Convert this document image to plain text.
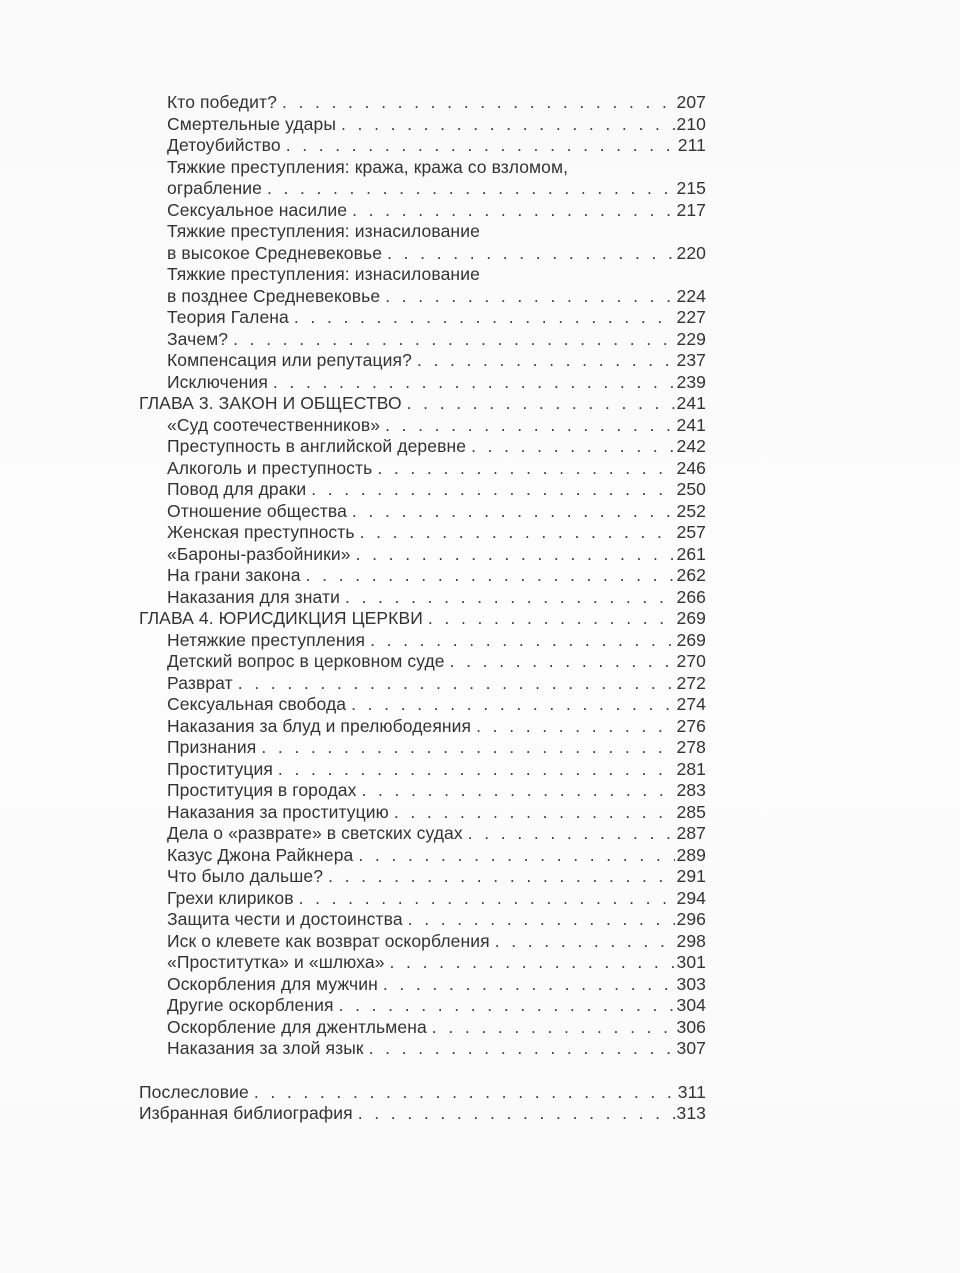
Кто победит? . . .	207
Смертельные удары . . .	210
Детоубийство . . .	211
Тяжкие преступления: кража, кража со взломом,
ограбление . . .	215
Сексуальное насилие . . .	217
Тяжкие преступления: изнасилование
в высокое Средневековье . . .	220
Тяжкие преступления: изнасилование
в позднее Средневековье . . .	224
Теория Галена . . .	227
Зачем? . . .	229
Компенсация или репутация? . . .	237
Исключения . . .	239
ГЛАВА 3. ЗАКОН И ОБЩЕСТВО . . .	241
«Суд соотечественников» . . .	241
Преступность в английской деревне . . .	242
Алкоголь и преступность . . .	246
Повод для драки . . .	250
Отношение общества . . .	252
Женская преступность . . .	257
«Бароны-разбойники» . . .	261
На грани закона . . .	262
Наказания для знати . . .	266
ГЛАВА 4. ЮРИСДИКЦИЯ ЦЕРКВИ . . .	269
Нетяжкие преступления . . .	269
Детский вопрос в церковном суде . . .	270
Разврат . . .	272
Сексуальная свобода . . .	274
Наказания за блуд и прелюбодеяния . . .	276
Признания . . .	278
Проституция . . .	281
Проституция в городах . . .	283
Наказания за проституцию . . .	285
Дела о «разврате» в светских судах . . .	287
Казус Джона Райкнера . . .	289
Что было дальше? . . .	291
Грехи клириков . . .	294
Защита чести и достоинства . . .	296
Иск о клевете как возврат оскорбления . . .	298
«Проститутка» и «шлюха» . . .	301
Оскорбления для мужчин . . .	303
Другие оскорбления . . .	304
Оскорбление для джентльмена . . .	306
Наказания за злой язык . . .	307
Послесловие . . .	311
Избранная библиография . . .	313
